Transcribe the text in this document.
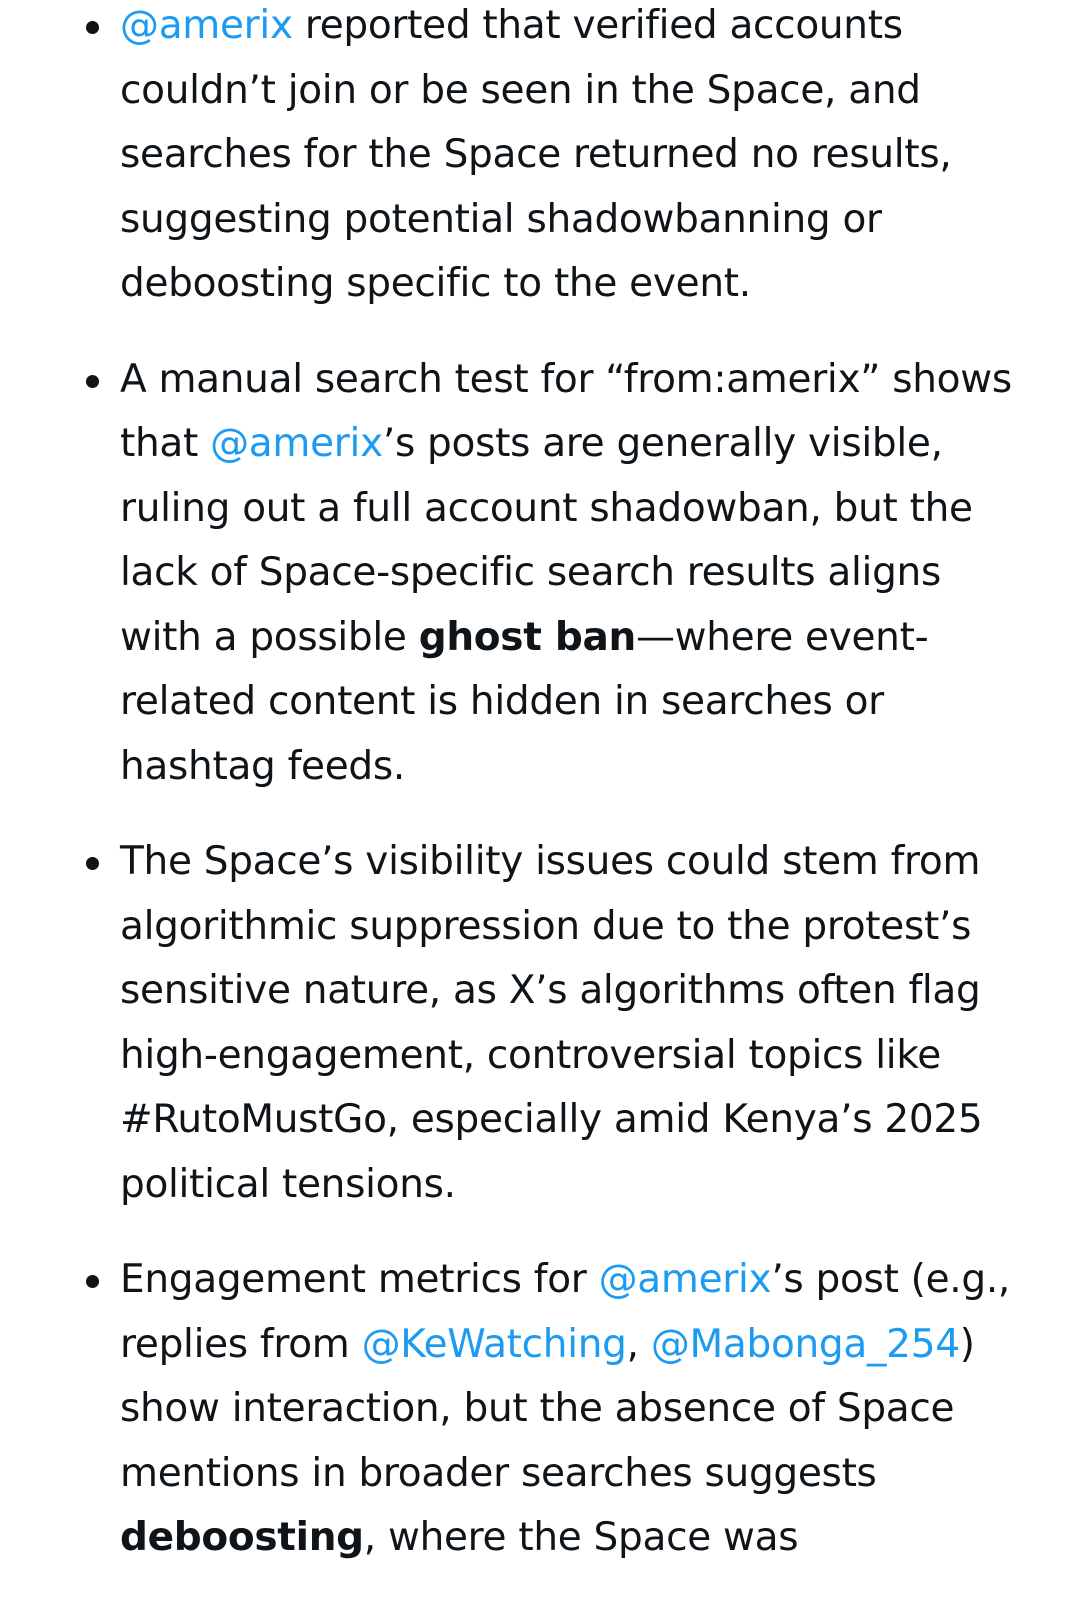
@amerix reported that verified accounts couldn’t join or be seen in the Space, and searches for the Space returned no results, suggesting potential shadowbanning or deboosting specific to the event.
A manual search test for “from:amerix” shows that @amerix’s posts are generally visible, ruling out a full account shadowban, but the lack of Space-specific search results aligns with a possible ghost ban—where event-related content is hidden in searches or hashtag feeds.
The Space’s visibility issues could stem from algorithmic suppression due to the protest’s sensitive nature, as X’s algorithms often flag high-engagement, controversial topics like #RutoMustGo, especially amid Kenya’s 2025 political tensions.
Engagement metrics for @amerix’s post (e.g., replies from @KeWatching, @Mabonga_254) show interaction, but the absence of Space mentions in broader searches suggests deboosting, where the Space was
